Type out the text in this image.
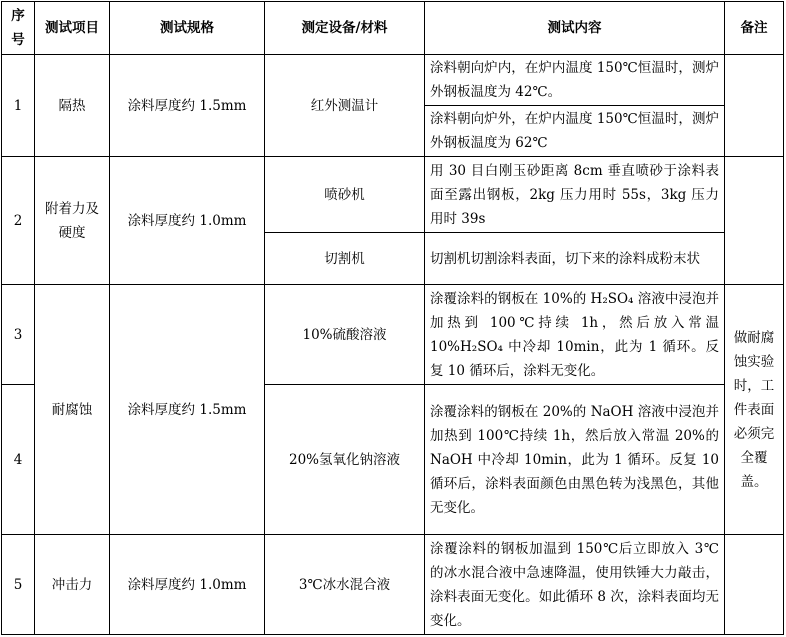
序号	测试项目	测试规格	测定设备/材料	测试内容	备注
1	隔热	涂料厚度约 1.5mm	红外测温计	涂料朝向炉内，在炉内温度 150℃恒温时，测炉外钢板温度为 42℃。	
				涂料朝向炉外，在炉内温度 150℃恒温时，测炉外钢板温度为 62℃	
2	附着力及硬度	涂料厚度约 1.0mm	喷砂机	用 30 目白刚玉砂距离 8cm 垂直喷砂于涂料表面至露出钢板，2kg 压力用时 55s，3kg 压力用时 39s	
			切割机	切割机切割涂料表面，切下来的涂料成粉末状	
3	耐腐蚀	涂料厚度约 1.5mm	10%硫酸溶液	涂覆涂料的钢板在 10%的 H₂SO₄ 溶液中浸泡并加热到 100℃持续 1h，然后放入常温 10%H₂SO₄ 中冷却 10min，此为 1 循环。反复 10 循环后，涂料无变化。	做耐腐蚀实验时，工件表面必须完全覆盖。
4			20%氢氧化钠溶液	涂覆涂料的钢板在 20%的 NaOH 溶液中浸泡并加热到 100℃持续 1h，然后放入常温 20%的 NaOH 中冷却 10min，此为 1 循环。反复 10 循环后，涂料表面颜色由黑色转为浅黑色，其他无变化。	
5	冲击力	涂料厚度约 1.0mm	3℃冰水混合液	涂覆涂料的钢板加温到 150℃后立即放入 3℃的冰水混合液中急速降温，使用铁锤大力敲击，涂料表面无变化。如此循环 8 次，涂料表面均无变化。	
